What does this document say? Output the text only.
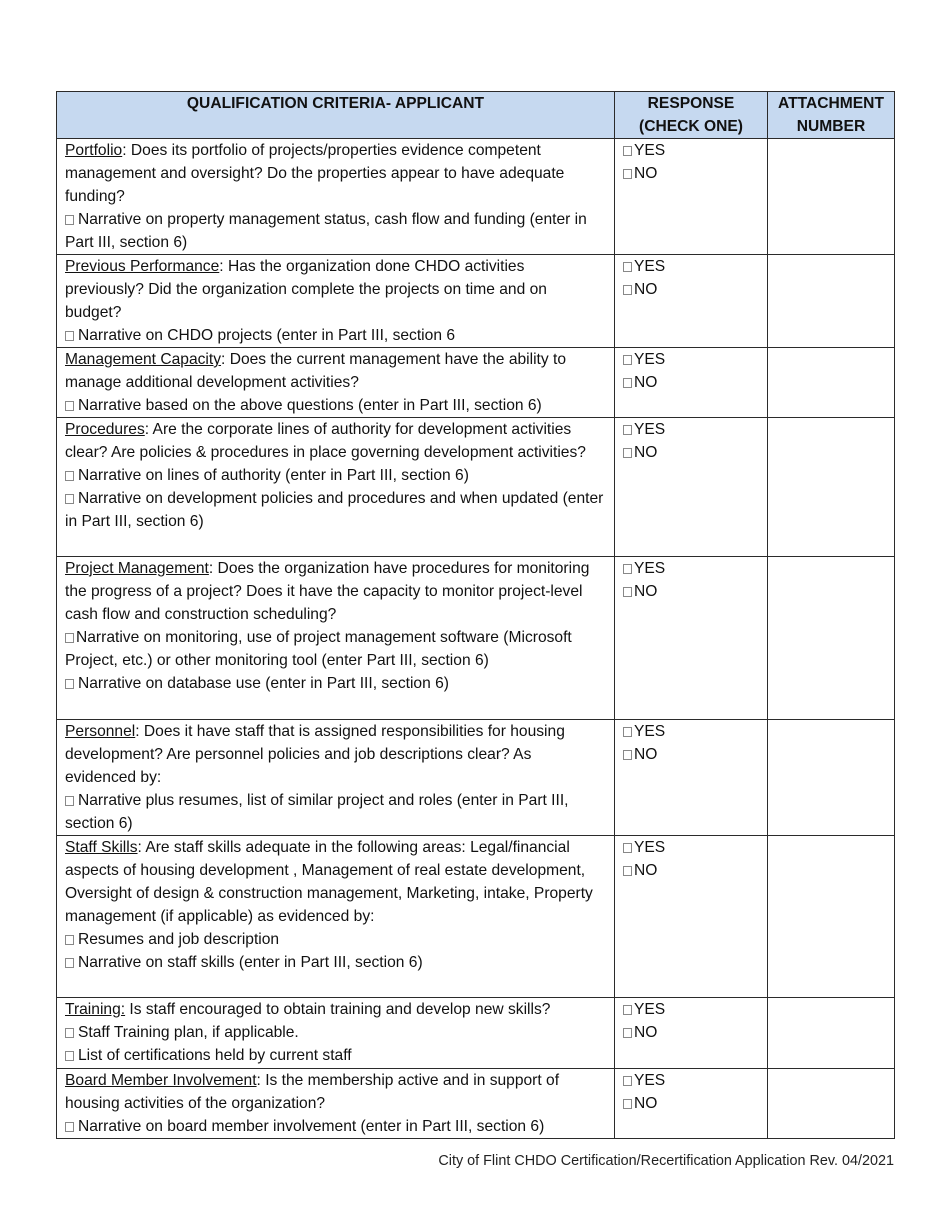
QUALIFICATION CRITERIA- APPLICANT	RESPONSE
(CHECK ONE)	ATTACHMENT
NUMBER
Portfolio: Does its portfolio of projects/properties evidence competent management and oversight? Do the properties appear to have adequate funding?
Narrative on property management status, cash flow and funding (enter in Part III, section 6)	YES
NO	

Previous Performance: Has the organization done CHDO activities previously? Did the organization complete the projects on time and on budget?
Narrative on CHDO projects (enter in Part III, section 6	YES
NO	

Management Capacity: Does the current management have the ability to manage additional development activities?
Narrative based on the above questions (enter in Part III, section 6)	YES
NO	

Procedures: Are the corporate lines of authority for development activities clear? Are policies & procedures in place governing development activities?
Narrative on lines of authority (enter in Part III, section 6)
Narrative on development policies and procedures and when updated (enter in Part III, section 6)	YES
NO	

Project Management: Does the organization have procedures for monitoring the progress of a project? Does it have the capacity to monitor project-level cash flow and construction scheduling?
Narrative on monitoring, use of project management software (Microsoft Project, etc.) or other monitoring tool (enter Part III, section 6)
Narrative on database use (enter in Part III, section 6)	YES
NO	

Personnel: Does it have staff that is assigned responsibilities for housing development? Are personnel policies and job descriptions clear? As evidenced by:
Narrative plus resumes, list of similar project and roles (enter in Part III, section 6)	YES
NO	

Staff Skills: Are staff skills adequate in the following areas: Legal/financial aspects of housing development , Management of real estate development, Oversight of design & construction management, Marketing, intake, Property management (if applicable) as evidenced by:
Resumes and job description
Narrative on staff skills (enter in Part III, section 6)	YES
NO	

Training: Is staff encouraged to obtain training and develop new skills?
Staff Training plan, if applicable.
List of certifications held by current staff	YES
NO	

Board Member Involvement: Is the membership active and in support of housing activities of the organization?
Narrative on board member involvement (enter in Part III, section 6)	YES
NO	

City of Flint CHDO Certification/Recertification Application Rev. 04/2021
